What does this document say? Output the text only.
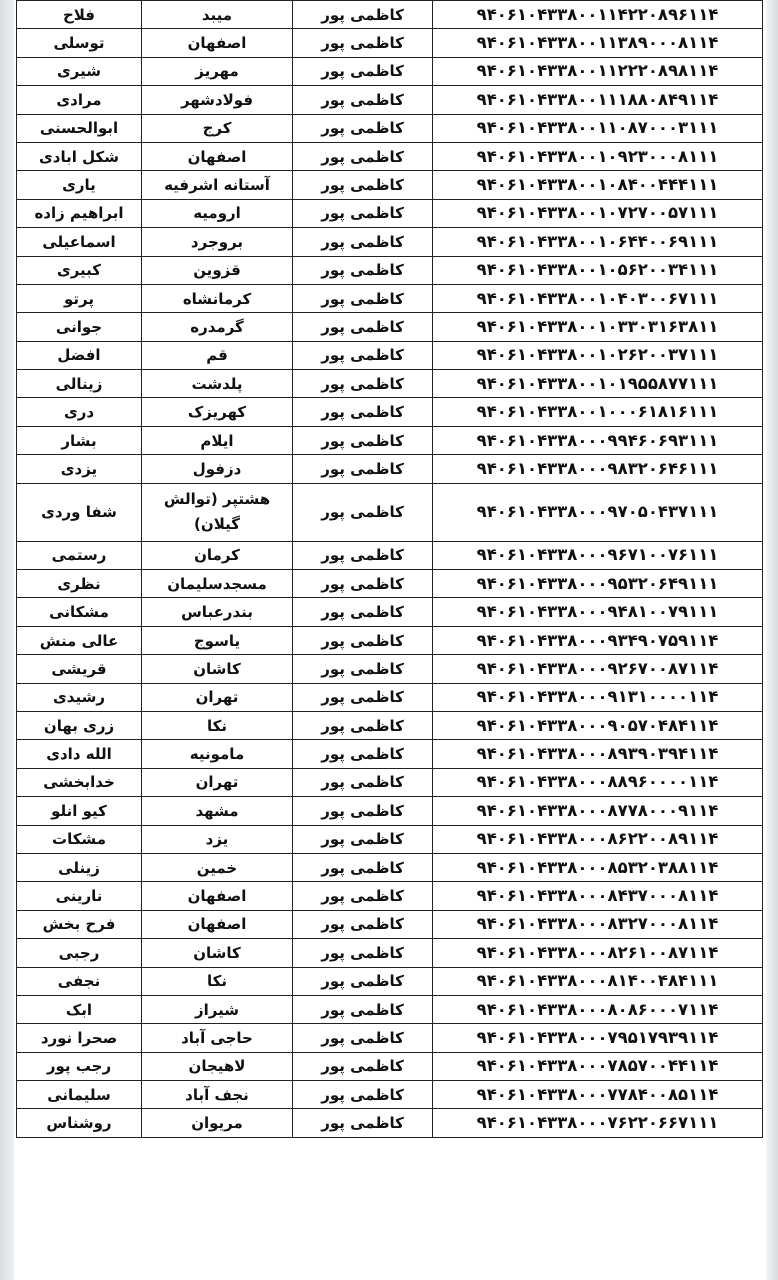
فلاح	میبد	کاظمی پور	۹۴۰۶۱۰۴۳۳۸۰۰۱۱۴۲۲۰۸۹۶۱۱۴
توسلی	اصفهان	کاظمی پور	۹۴۰۶۱۰۴۳۳۸۰۰۱۱۳۸۹۰۰۰۸۱۱۴
شیری	مهریز	کاظمی پور	۹۴۰۶۱۰۴۳۳۸۰۰۱۱۲۲۲۰۸۹۸۱۱۴
مرادی	فولادشهر	کاظمی پور	۹۴۰۶۱۰۴۳۳۸۰۰۱۱۱۸۸۰۸۴۹۱۱۴
ابوالحسنی	کرج	کاظمی پور	۹۴۰۶۱۰۴۳۳۸۰۰۱۱۰۸۷۰۰۰۳۱۱۱
شکل ابادی	اصفهان	کاظمی پور	۹۴۰۶۱۰۴۳۳۸۰۰۱۰۹۲۳۰۰۰۸۱۱۱
یاری	آستانه اشرفیه	کاظمی پور	۹۴۰۶۱۰۴۳۳۸۰۰۱۰۸۴۰۰۴۴۴۱۱۱
ابراهیم زاده	ارومیه	کاظمی پور	۹۴۰۶۱۰۴۳۳۸۰۰۱۰۷۲۷۰۰۵۷۱۱۱
اسماعیلی	بروجرد	کاظمی پور	۹۴۰۶۱۰۴۳۳۸۰۰۱۰۶۴۴۰۰۶۹۱۱۱
کبیری	قزوین	کاظمی پور	۹۴۰۶۱۰۴۳۳۸۰۰۱۰۵۶۲۰۰۳۴۱۱۱
پرتو	کرمانشاه	کاظمی پور	۹۴۰۶۱۰۴۳۳۸۰۰۱۰۴۰۳۰۰۶۷۱۱۱
جوانی	گرمدره	کاظمی پور	۹۴۰۶۱۰۴۳۳۸۰۰۱۰۳۳۰۳۱۶۳۸۱۱
افضل	قم	کاظمی پور	۹۴۰۶۱۰۴۳۳۸۰۰۱۰۲۶۲۰۰۳۷۱۱۱
زینالی	پلدشت	کاظمی پور	۹۴۰۶۱۰۴۳۳۸۰۰۱۰۱۹۵۵۸۷۷۱۱۱
دری	کهریزک	کاظمی پور	۹۴۰۶۱۰۴۳۳۸۰۰۱۰۰۰۶۱۸۱۶۱۱۱
بشار	ایلام	کاظمی پور	۹۴۰۶۱۰۴۳۳۸۰۰۰۹۹۴۶۰۶۹۳۱۱۱
یزدی	دزفول	کاظمی پور	۹۴۰۶۱۰۴۳۳۸۰۰۰۹۸۳۲۰۶۴۶۱۱۱
شفا وردی	هشتپر (توالش گیلان)	کاظمی پور	۹۴۰۶۱۰۴۳۳۸۰۰۰۹۷۰۵۰۴۳۷۱۱۱
رستمی	کرمان	کاظمی پور	۹۴۰۶۱۰۴۳۳۸۰۰۰۹۶۷۱۰۰۷۶۱۱۱
نظری	مسجدسلیمان	کاظمی پور	۹۴۰۶۱۰۴۳۳۸۰۰۰۹۵۳۲۰۶۴۹۱۱۱
مشکانی	بندرعباس	کاظمی پور	۹۴۰۶۱۰۴۳۳۸۰۰۰۹۴۸۱۰۰۷۹۱۱۱
عالی منش	یاسوج	کاظمی پور	۹۴۰۶۱۰۴۳۳۸۰۰۰۹۳۴۹۰۷۵۹۱۱۴
قریشی	کاشان	کاظمی پور	۹۴۰۶۱۰۴۳۳۸۰۰۰۹۲۶۷۰۰۸۷۱۱۴
رشیدی	تهران	کاظمی پور	۹۴۰۶۱۰۴۳۳۸۰۰۰۹۱۳۱۰۰۰۰۱۱۴
زری بهان	نکا	کاظمی پور	۹۴۰۶۱۰۴۳۳۸۰۰۰۹۰۵۷۰۴۸۴۱۱۴
الله دادی	مامونیه	کاظمی پور	۹۴۰۶۱۰۴۳۳۸۰۰۰۸۹۳۹۰۳۹۴۱۱۴
خدابخشی	تهران	کاظمی پور	۹۴۰۶۱۰۴۳۳۸۰۰۰۸۸۹۶۰۰۰۰۱۱۴
کیو انلو	مشهد	کاظمی پور	۹۴۰۶۱۰۴۳۳۸۰۰۰۸۷۷۸۰۰۰۹۱۱۴
مشکات	یزد	کاظمی پور	۹۴۰۶۱۰۴۳۳۸۰۰۰۸۶۲۲۰۰۸۹۱۱۴
زینلی	خمین	کاظمی پور	۹۴۰۶۱۰۴۳۳۸۰۰۰۸۵۳۲۰۳۸۸۱۱۴
نارینی	اصفهان	کاظمی پور	۹۴۰۶۱۰۴۳۳۸۰۰۰۸۴۳۷۰۰۰۸۱۱۴
فرح بخش	اصفهان	کاظمی پور	۹۴۰۶۱۰۴۳۳۸۰۰۰۸۳۲۷۰۰۰۸۱۱۴
رجبی	کاشان	کاظمی پور	۹۴۰۶۱۰۴۳۳۸۰۰۰۸۲۶۱۰۰۸۷۱۱۴
نجفی	نکا	کاظمی پور	۹۴۰۶۱۰۴۳۳۸۰۰۰۸۱۴۰۰۴۸۴۱۱۱
ابک	شیراز	کاظمی پور	۹۴۰۶۱۰۴۳۳۸۰۰۰۸۰۸۶۰۰۰۷۱۱۴
صحرا نورد	حاجی آباد	کاظمی پور	۹۴۰۶۱۰۴۳۳۸۰۰۰۷۹۵۱۷۹۳۹۱۱۴
رجب پور	لاهیجان	کاظمی پور	۹۴۰۶۱۰۴۳۳۸۰۰۰۷۸۵۷۰۰۴۴۱۱۴
سلیمانی	نجف آباد	کاظمی پور	۹۴۰۶۱۰۴۳۳۸۰۰۰۷۷۸۴۰۰۸۵۱۱۴
روشناس	مریوان	کاظمی پور	۹۴۰۶۱۰۴۳۳۸۰۰۰۷۶۲۲۰۶۶۷۱۱۱
